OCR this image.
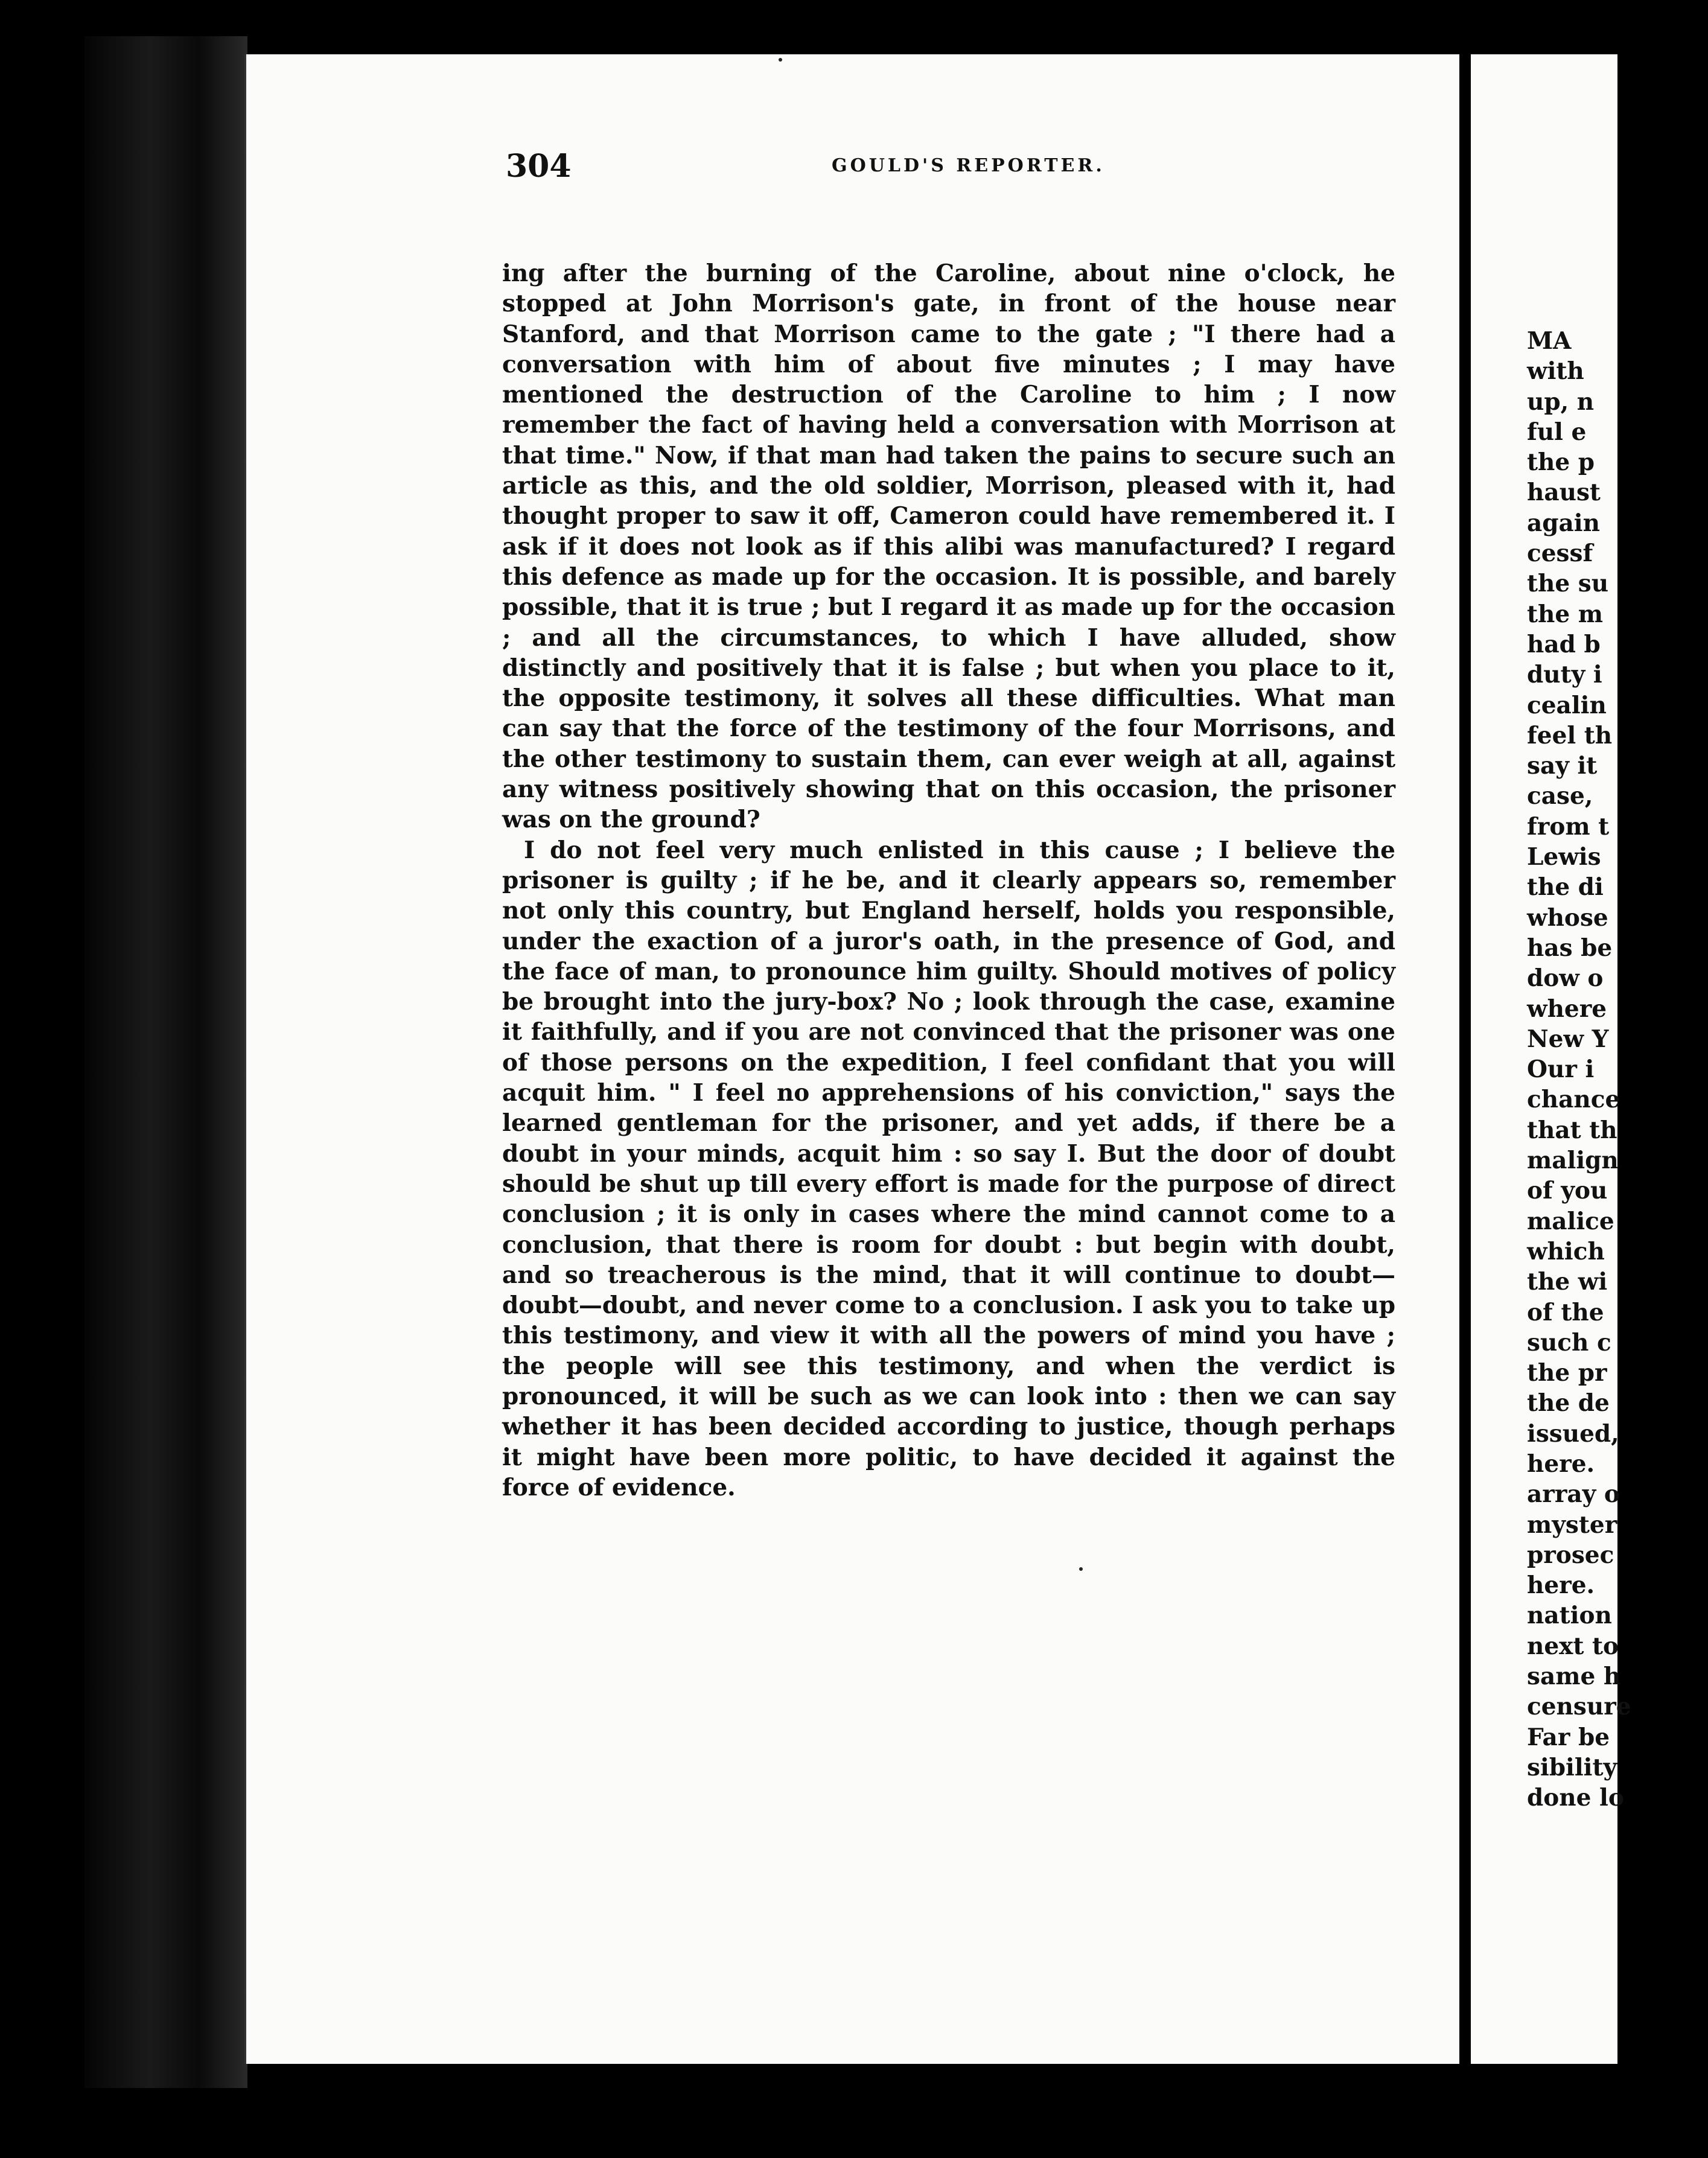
304	GOULD'S REPORTER.

ing after the burning of the Caroline, about nine o'clock, he stopped at John Morrison's gate, in front of the house near Stanford, and that Morrison came to the gate ; "I there had a conversation with him of about five minutes ; I may have mentioned the destruction of the Caroline to him ; I now remember the fact of having held a conversation with Morrison at that time." Now, if that man had taken the pains to secure such an article as this, and the old soldier, Morrison, pleased with it, had thought proper to saw it off, Cameron could have remembered it. I ask if it does not look as if this alibi was manufactured? I regard this defence as made up for the occasion. It is possible, and barely possible, that it is true ; but I regard it as made up for the occasion ; and all the circumstances, to which I have alluded, show distinctly and positively that it is false ; but when you place to it, the opposite testimony, it solves all these difficulties. What man can say that the force of the testimony of the four Morrisons, and the other testimony to sustain them, can ever weigh at all, against any witness positively showing that on this occasion, the prisoner was on the ground?

I do not feel very much enlisted in this cause ; I believe the prisoner is guilty ; if he be, and it clearly appears so, remember not only this country, but England herself, holds you responsible, under the exaction of a juror's oath, in the presence of God, and the face of man, to pronounce him guilty. Should motives of policy be brought into the jury-box? No ; look through the case, examine it faithfully, and if you are not convinced that the prisoner was one of those persons on the expedition, I feel confidant that you will acquit him. " I feel no apprehensions of his conviction," says the learned gentleman for the prisoner, and yet adds, if there be a doubt in your minds, acquit him : so say I. But the door of doubt should be shut up till every effort is made for the purpose of direct conclusion ; it is only in cases where the mind cannot come to a conclusion, that there is room for doubt : but begin with doubt, and so treacherous is the mind, that it will continue to doubt—doubt—doubt, and never come to a conclusion. I ask you to take up this testimony, and view it with all the powers of mind you have ; the people will see this testimony, and when the verdict is pronounced, it will be such as we can look into : then we can say whether it has been decided according to justice, though perhaps it might have been more politic, to have decided it against the force of evidence.

MA
with
up, n
ful e
the p
haust
again
cessf
the su
the m
had b
duty i
cealin
feel th
say it
case,
from t
Lewis
the di
whose
has be
dow o
where
New Y
Our i
chance
that th
malign
of you
malice
which
the wi
of the
such c
the pr
the de
issued,
here.
array o
myster
prosec
here.
nation
next to
same h
censure
Far be
sibility
done lo
